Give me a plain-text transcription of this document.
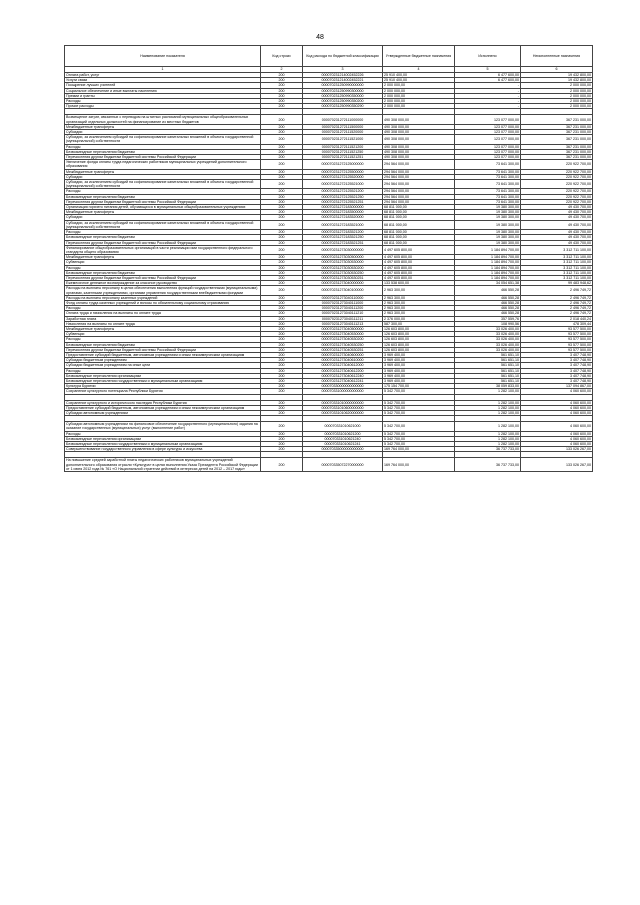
48
Наименование показателя	Код строки	Код расхода по бюджетной классификации	Утвержденные бюджетные назначения	Исполнено	Неисполненные назначения
1	2	3	4	5	6
Оплата работ, услуг	200	000070231214002452226	25 910 400,00	6 477 600,00	19 432 800,00
Услуги связи	200	000070231214002452221	25 910 400,00	6 477 600,00	19 432 800,00
Поощрение лучших учителей	200	000070231250990000000	2 000 000,00	-	2 000 000,00
Социальное обеспечение и иные выплаты населению	200	000070231250990300000	2 000 000,00	-	2 000 000,00
Премии и гранты	200	000070231250990350000	2 000 000,00	-	2 000 000,00
Расходы	200	000070231250990350200	2 000 000,00	-	2 000 000,00
Прочие расходы	200	000070231250990350290	2 000 000,00	-	2 000 000,00

Возмещение затрат, связанных с переводом на штатных расписаний муниципальных общеобразовательных организаций отдельных должностей на финансирование из местных бюджетов	200	000070231272111000000	490 308 000,00	123 077 000,00	367 231 000,00
Межбюджетные трансферты	200	000070231272111500000	490 308 000,00	123 077 000,00	367 231 000,00
Субсидии	200	000070231272111520000	490 308 000,00	123 077 000,00	367 231 000,00
Субсидии, за исключением субсидий на софинансирование капитальных вложений в объекты государственной (муниципальной) собственности	200	000070231272111521000	490 308 000,00	123 077 000,00	367 231 000,00
Расходы	200	000070231272111521200	490 308 000,00	123 077 000,00	367 231 000,00
Безвозмездные перечисления бюджетам	200	000070231272111521250	490 308 000,00	123 077 000,00	367 231 000,00
Перечисления другим бюджетам бюджетной системы Российской Федерации	200	000070231272111521251	490 308 000,00	123 077 000,00	367 231 000,00
Увеличение фонда оплаты труда педагогических работников муниципальных учреждений дополнительного образования	200	000070231272125000000	294 564 000,00	73 641 300,00	220 922 700,00
Межбюджетные трансферты	200	000070231272125500000	294 564 000,00	73 641 300,00	220 922 700,00
Субсидии	200	000070231272125520000	294 564 000,00	73 641 300,00	220 922 700,00
Субсидии, за исключением субсидий на софинансирование капитальных вложений в объекты государственной (муниципальной) собственности	200	000070231272125521000	294 564 000,00	73 641 300,00	220 922 700,00
Расходы	200	000070231272125521200	294 564 000,00	73 641 300,00	220 922 700,00
Безвозмездные перечисления бюджетам	200	000070231272125521250	294 564 000,00	73 641 300,00	220 922 700,00
Перечисления другим бюджетам бюджетной системы Российской Федерации	200	000070231272125521251	294 564 000,00	73 641 300,00	220 922 700,00
Организация горячего питания детей, обучающихся в муниципальных общеобразовательных учреждениях	200	000070231272183000000	68 811 000,00	19 380 300,00	49 430 700,00
Межбюджетные трансферты	200	000070231272183500000	68 811 000,00	19 380 300,00	49 430 700,00
Субсидии	200	000070231272183520000	68 811 000,00	19 380 300,00	49 430 700,00
Субсидии, за исключением субсидий на софинансирование капитальных вложений в объекты государственной (муниципальной) собственности	200	000070231272183521000	68 811 000,00	19 380 300,00	49 430 700,00
Расходы	200	000070231272183521200	68 811 000,00	19 380 300,00	49 430 700,00
Безвозмездные перечисления бюджетам	200	000070231272183521250	68 811 000,00	19 380 300,00	49 430 700,00
Перечисления другим бюджетам бюджетной системы Российской Федерации	200	000070231272183521251	68 811 000,00	19 380 300,00	49 430 700,00
Финансирование общеобразовательных организаций в части реализации ими государственного федерального стандарта общего образования	200	000070231273030000000	4 497 605 800,00	1 184 894 700,00	3 312 711 100,00
Межбюджетные трансферты	200	000070231273030500000	4 497 605 800,00	1 184 894 700,00	3 312 711 100,00
Субвенции	200	000070231273030530000	4 497 605 800,00	1 184 894 700,00	3 312 711 100,00
Расходы	200	000070231273030530200	4 497 605 800,00	1 184 894 700,00	3 312 711 100,00
Безвозмездные перечисления бюджетам	200	000070231273030530250	4 497 605 800,00	1 184 894 700,00	3 312 711 100,00
Перечисления другим бюджетам бюджетной системы Российской Федерации	200	000070231273030530251	4 497 605 800,00	1 184 894 700,00	3 312 711 100,00
Ежемесячное денежное вознаграждение за классное руководство	200	000070231273040000000	133 538 600,00	34 054 651,38	99 483 948,62
Расходы на выплаты персоналу в целях обеспечения выполнения функций государственными (муниципальными) органами, казенными учреждениями, органами управления государственными внебюджетными фондами	200	000070231273040100000	2 963 300,00	466 550,28	2 496 749,72
Расходы на выплаты персоналу казенных учреждений	200	000070231273040110000	2 963 300,00	466 550,28	2 496 749,72
Фонд оплаты труда казенных учреждений и взносы по обязательному социальному страхованию	200	000070231273040111000	2 963 300,00	466 550,28	2 496 749,72
Расходы	200	000070231273040111200	2 963 300,00	466 550,28	2 496 749,72
Оплата труда и начисления на выплаты по оплате труда	200	000070231273040111210	2 963 300,00	466 550,28	2 496 749,72
Заработная плата	200	000070231273040111211	2 376 000,00	357 559,76	2 018 440,24
Начисления на выплаты по оплате труда	200	000070231273040111213	587 300,00	108 990,56	478 309,44
Межбюджетные трансферты	200	000070231273040500000	126 603 800,00	33 026 400,00	93 577 500,00
Субвенции	200	000070231273040530000	126 603 800,00	33 026 400,00	93 577 500,00
Расходы	200	000070231273040530200	126 603 800,00	33 026 400,00	93 577 500,00
Безвозмездные перечисления бюджетам	200	000070231273040530250	126 603 800,00	33 026 400,00	93 577 500,00
Перечисления другим бюджетам бюджетной системы Российской Федерации	200	000070231273040530251	126 603 800,00	33 026 400,00	93 577 500,00
Предоставление субсидий бюджетным, автономным учреждениям и иным некоммерческим организациям	200	000070231273040600000	3 969 400,00	561 651,10	3 407 748,90
Субсидии бюджетным учреждениям	200	000070231273040610000	3 969 400,00	561 651,10	3 407 748,90
Субсидии бюджетным учреждениям на иные цели	200	000070231273040612000	3 969 400,00	561 651,10	3 407 748,90
Расходы	200	000070231273040612200	3 969 400,00	561 651,10	3 407 748,90
Безвозмездные перечисления организациям	200	000070231273040612240	3 969 400,00	561 651,10	3 407 748,90
Безвозмездные перечисления государственным и муниципальным организациям	200	000070231273040612241	3 969 400,00	561 651,10	3 407 748,90
Культура Бурятии	200	000070330000000000000	175 154 700,00	38 059 833,00	137 094 867,00
Сохранение культурного потенциала Республики Бурятия	200	000070331000000000000	5 342 700,00	1 282 100,00	4 060 600,00

Сохранение культурного и исторического наследия Республики Бурятия	200	000070331010000000000	5 342 700,00	1 282 100,00	4 060 600,00
Предоставление субсидий бюджетным, автономным учреждениям и иным некоммерческим организациям	200	000070331010600000000	5 342 700,00	1 282 100,00	4 060 600,00
Субсидии автономным учреждениям	200	000070331010620000000	5 342 700,00	1 282 100,00	4 060 600,00

Субсидии автономным учреждениям на финансовое обеспечение государственного (муниципального) задания на оказание государственных (муниципальных) услуг (выполнение работ)	200	000070331010621000	5 342 700,00	1 282 100,00	4 060 600,00
Расходы	200	000070331010621200	5 342 700,00	1 282 100,00	4 060 600,00
Безвозмездные перечисления организациям	200	000070331010621240	5 342 700,00	1 282 100,00	4 060 600,00
Безвозмездные перечисления государственным и муниципальным организациям	200	000070331010621241	5 342 700,00	1 282 100,00	4 060 600,00
Совершенствование государственного управления в сфере культуры и искусства	200	000070335000000000000	169 764 000,00	36 737 733,00	133 026 267,00

На повышение средней заработной платы педагогических работников муниципальных учреждений дополнительного образования отрасли «Культура» в целях выполнения Указа Президента Российской Федерации от 1 июня 2012 года № 761 «О Национальной стратегии действий в интересах детей на 2012 – 2017 годы»	200	000070335072270000000	169 764 000,00	36 737 733,00	133 026 267,00
